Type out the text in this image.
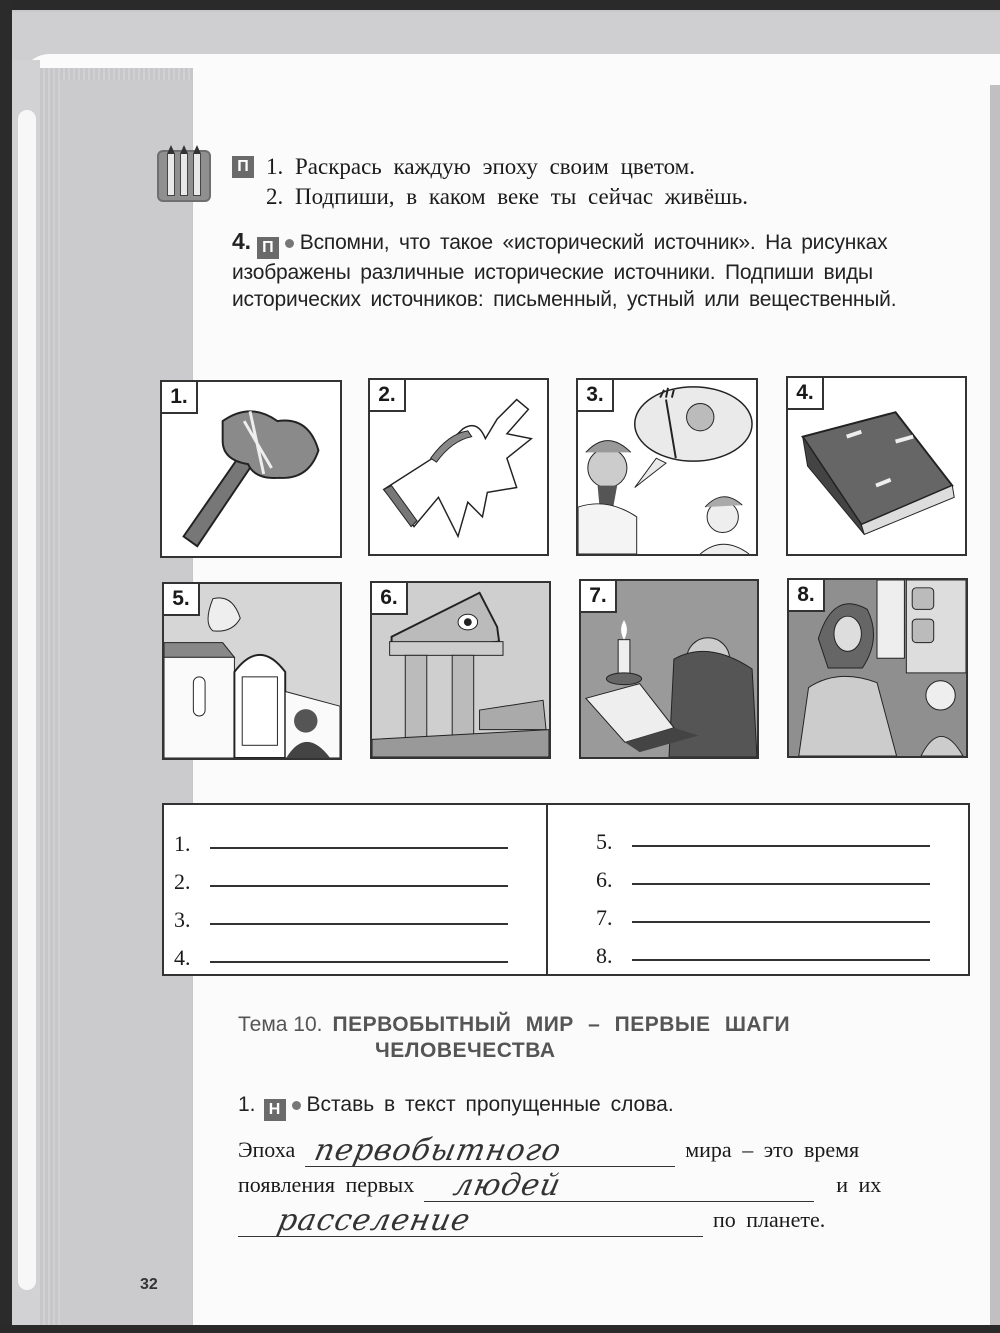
П 1. Раскрась каждую эпоху своим цветом.
2. Подпиши, в каком веке ты сейчас живёшь.
4. П Вспомни, что такое «исторический источник». На рисунках изображены различные исторические источники. Подпиши виды исторических источников: письменный, устный или вещественный.
1.	2.	3.	4.
5.	6.	7.	8.
1.
2.
3.
4.
5.
6.
7.
8.
Тема 10. ПЕРВОБЫТНЫЙ МИР – ПЕРВЫЕ ШАГИ
ЧЕЛОВЕЧЕСТВА
1. Н Вставь в текст пропущенные слова.
Эпоха первобытного	мира – это время
появления первых людей	и их
расселение	по планете.
32
